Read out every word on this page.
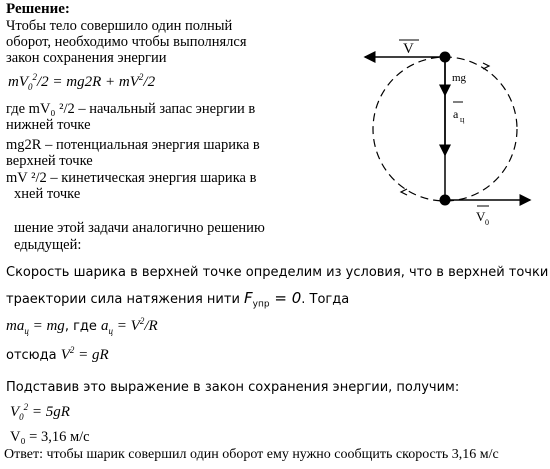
Решение:
Чтобы тело совершило один полный
оборот, необходимо чтобы выполнялся
закон сохранения энергии
$mV_0^2/2 = mg2R + mV^2/2$
где mV₀ ²/2 – начальный запас энергии в
нижней точке
mg2R – потенциальная энергия шарика в
верхней точке
mV ²/2 – кинетическая энергия шарика в
хней точке
шение этой задачи аналогично решению
едыдущей:
Скорость шарика в верхней точке определим из условия, что в верхней точки
траектории сила натяжения нити $F_{упр} = 0$. Тогда
$ma_ц$ = mg, где $a_ц = V^2/R$
отсюда $V^2$ = gR
Подставив это выражение в закон сохранения энергии, получим:
$V_0^2 = 5gR$
V₀ = 3,16 м/с
Ответ: чтобы шарик совершил один оборот ему нужно сообщить скорость 3,16 м/с
V
mg
a ц
V 0
